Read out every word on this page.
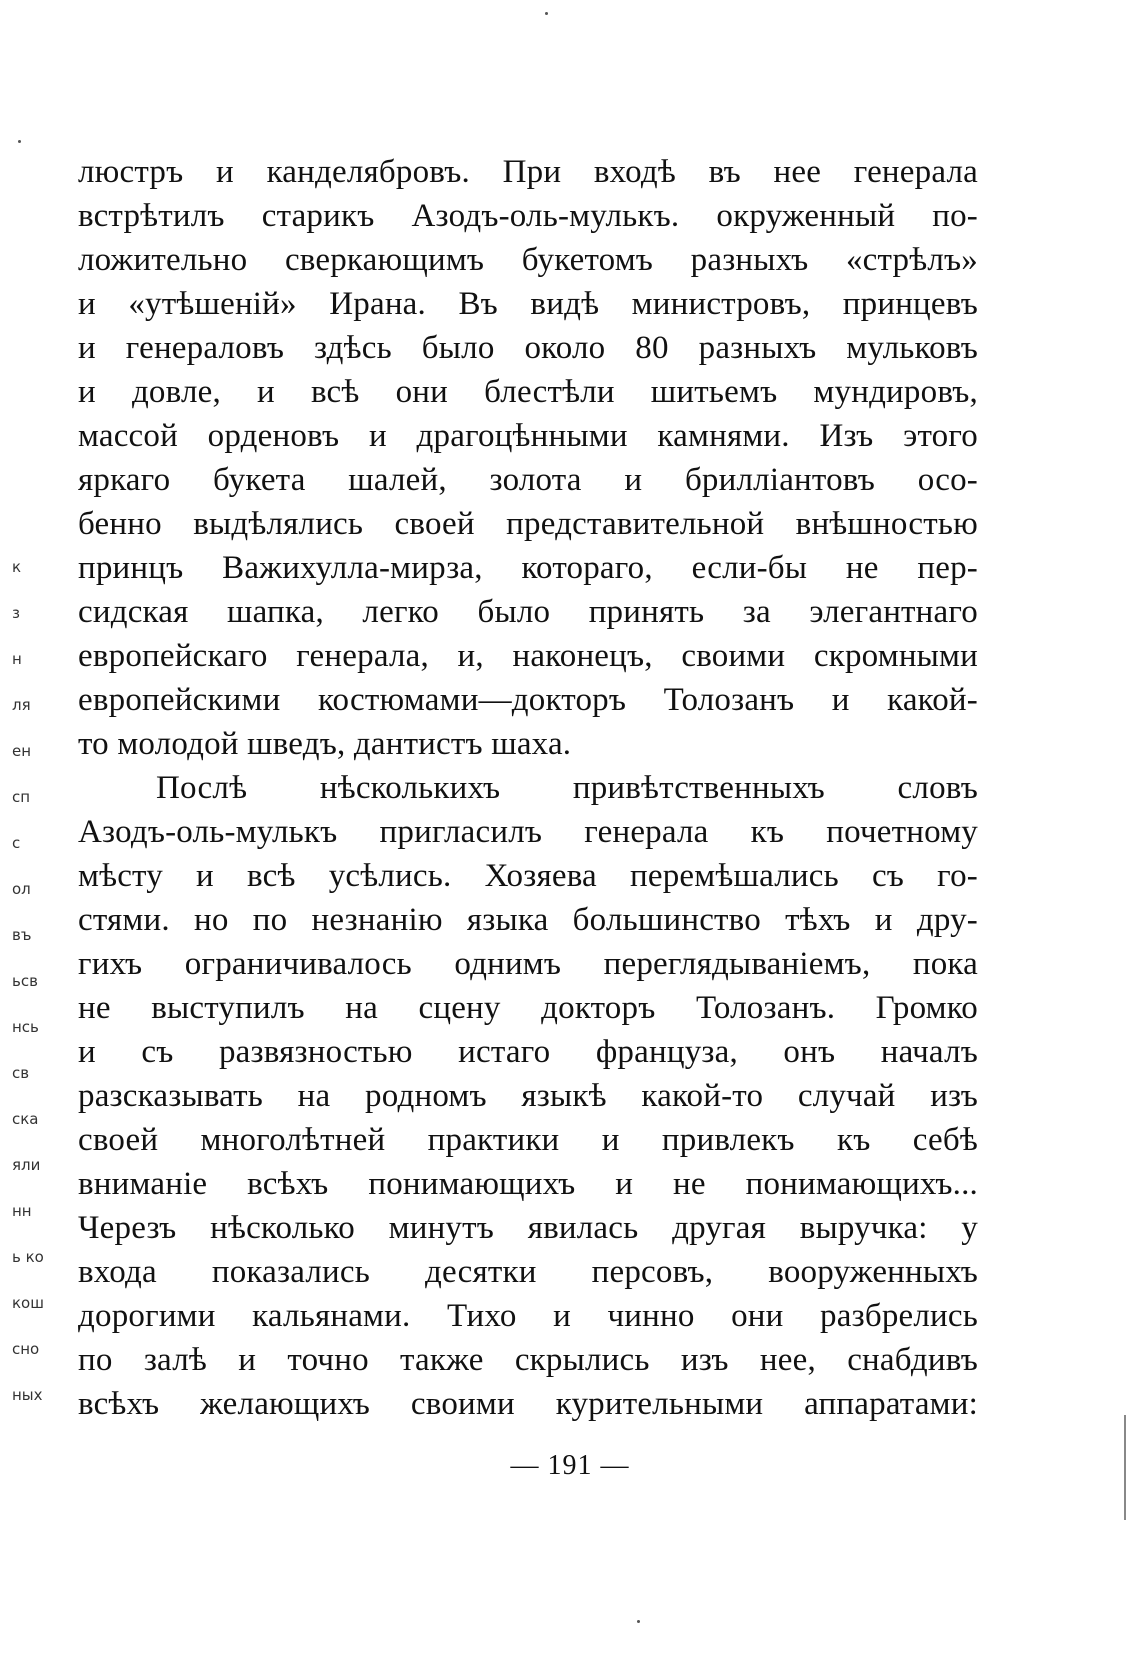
к
з
н
ля
ен
сп
с
ол
въ
ьсв
нсь
св
ска
яли
нн
ь ко
кош
сно
ных
люстръ и канделябровъ. При входѣ въ нее генерала
встрѣтилъ старикъ Азодъ-оль-мулькъ. окруженный по-
ложительно сверкающимъ букетомъ разныхъ «стрѣлъ»
и «утѣшеній» Ирана. Въ видѣ министровъ, принцевъ
и генераловъ здѣсь было около 80 разныхъ мульковъ
и довле, и всѣ они блестѣли шитьемъ мундировъ,
массой орденовъ и драгоцѣнными камнями. Изъ этого
яркаго букета шалей, золота и брилліантовъ осо-
бенно выдѣлялись своей представительной внѣшностью
принцъ Важихулла-мирза, котораго, если-бы не пер-
сидская шапка, легко было принять за элегантнаго
европейскаго генерала, и, наконецъ, своими скромными
европейскими костюмами—докторъ Толозанъ и какой-
то молодой шведъ, дантистъ шаха.
Послѣ нѣсколькихъ привѣтственныхъ словъ
Азодъ-оль-мулькъ пригласилъ генерала къ почетному
мѣсту и всѣ усѣлись. Хозяева перемѣшались съ го-
стями. но по незнанію языка большинство тѣхъ и дру-
гихъ ограничивалось однимъ переглядываніемъ, пока
не выступилъ на сцену докторъ Толозанъ. Громко
и съ развязностью истаго француза, онъ началъ
разсказывать на родномъ языкѣ какой-то случай изъ
своей многолѣтней практики и привлекъ къ себѣ
вниманіе всѣхъ понимающихъ и не понимающихъ...
Черезъ нѣсколько минутъ явилась другая выручка: у
входа показались десятки персовъ, вооруженныхъ
дорогими кальянами. Тихо и чинно они разбрелись
по залѣ и точно также скрылись изъ нее, снабдивъ
всѣхъ желающихъ своими курительными аппаратами:
— 191 —
